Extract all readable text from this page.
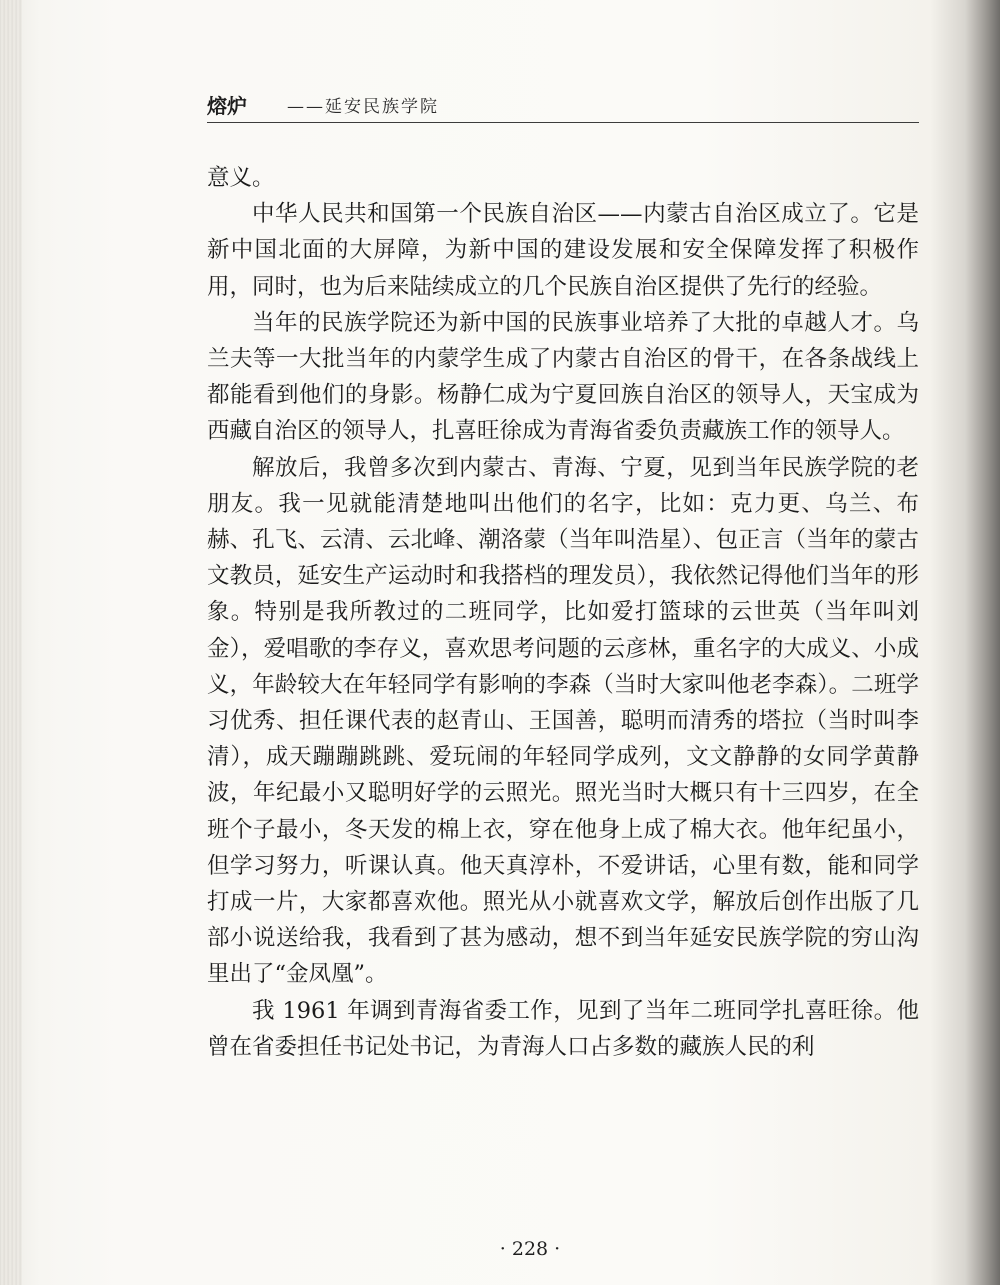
熔炉 ——延安民族学院

意义。

中华人民共和国第一个民族自治区——内蒙古自治区成立了。它是新中国北面的大屏障，为新中国的建设发展和安全保障发挥了积极作用，同时，也为后来陆续成立的几个民族自治区提供了先行的经验。

当年的民族学院还为新中国的民族事业培养了大批的卓越人才。乌兰夫等一大批当年的内蒙学生成了内蒙古自治区的骨干，在各条战线上都能看到他们的身影。杨静仁成为宁夏回族自治区的领导人，天宝成为西藏自治区的领导人，扎喜旺徐成为青海省委负责藏族工作的领导人。

解放后，我曾多次到内蒙古、青海、宁夏，见到当年民族学院的老朋友。我一见就能清楚地叫出他们的名字，比如：克力更、乌兰、布赫、孔飞、云清、云北峰、潮洛蒙（当年叫浩星）、包正言（当年的蒙古文教员，延安生产运动时和我搭档的理发员），我依然记得他们当年的形象。特别是我所教过的二班同学，比如爱打篮球的云世英（当年叫刘金），爱唱歌的李存义，喜欢思考问题的云彦林，重名字的大成义、小成义，年龄较大在年轻同学有影响的李森（当时大家叫他老李森）。二班学习优秀、担任课代表的赵青山、王国善，聪明而清秀的塔拉（当时叫李清），成天蹦蹦跳跳、爱玩闹的年轻同学成列，文文静静的女同学黄静波，年纪最小又聪明好学的云照光。照光当时大概只有十三四岁，在全班个子最小，冬天发的棉上衣，穿在他身上成了棉大衣。他年纪虽小，但学习努力，听课认真。他天真淳朴，不爱讲话，心里有数，能和同学打成一片，大家都喜欢他。照光从小就喜欢文学，解放后创作出版了几部小说送给我，我看到了甚为感动，想不到当年延安民族学院的穷山沟里出了“金凤凰”。

我 1961 年调到青海省委工作，见到了当年二班同学扎喜旺徐。他曾在省委担任书记处书记，为青海人口占多数的藏族人民的利

· 228 ·
